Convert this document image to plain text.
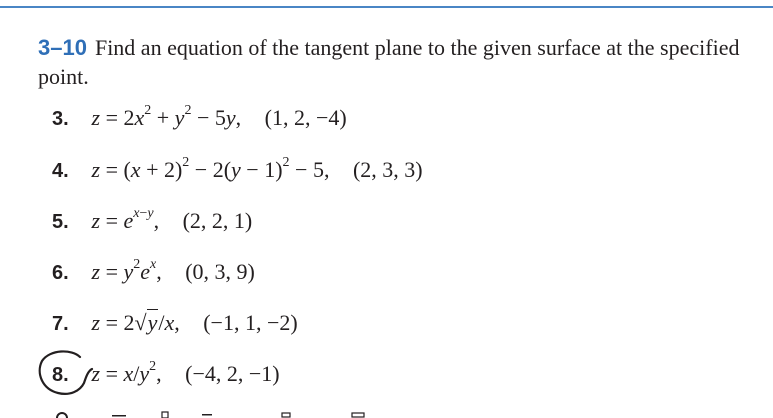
3–10 Find an equation of the tangent plane to the given surface at the specified point.
3. $z = 2x^2 + y^2 - 5y$, (1, 2, −4)
4. $z = (x + 2)^2 - 2(y - 1)^2 - 5$, (2, 3, 3)
5. $z = e^{x-y}$, (2, 2, 1)
6. $z = y^2e^x$, (0, 3, 9)
7. z = 2√y/x, (−1, 1, −2)
8. $z = x/y^2$, (−4, 2, −1)
